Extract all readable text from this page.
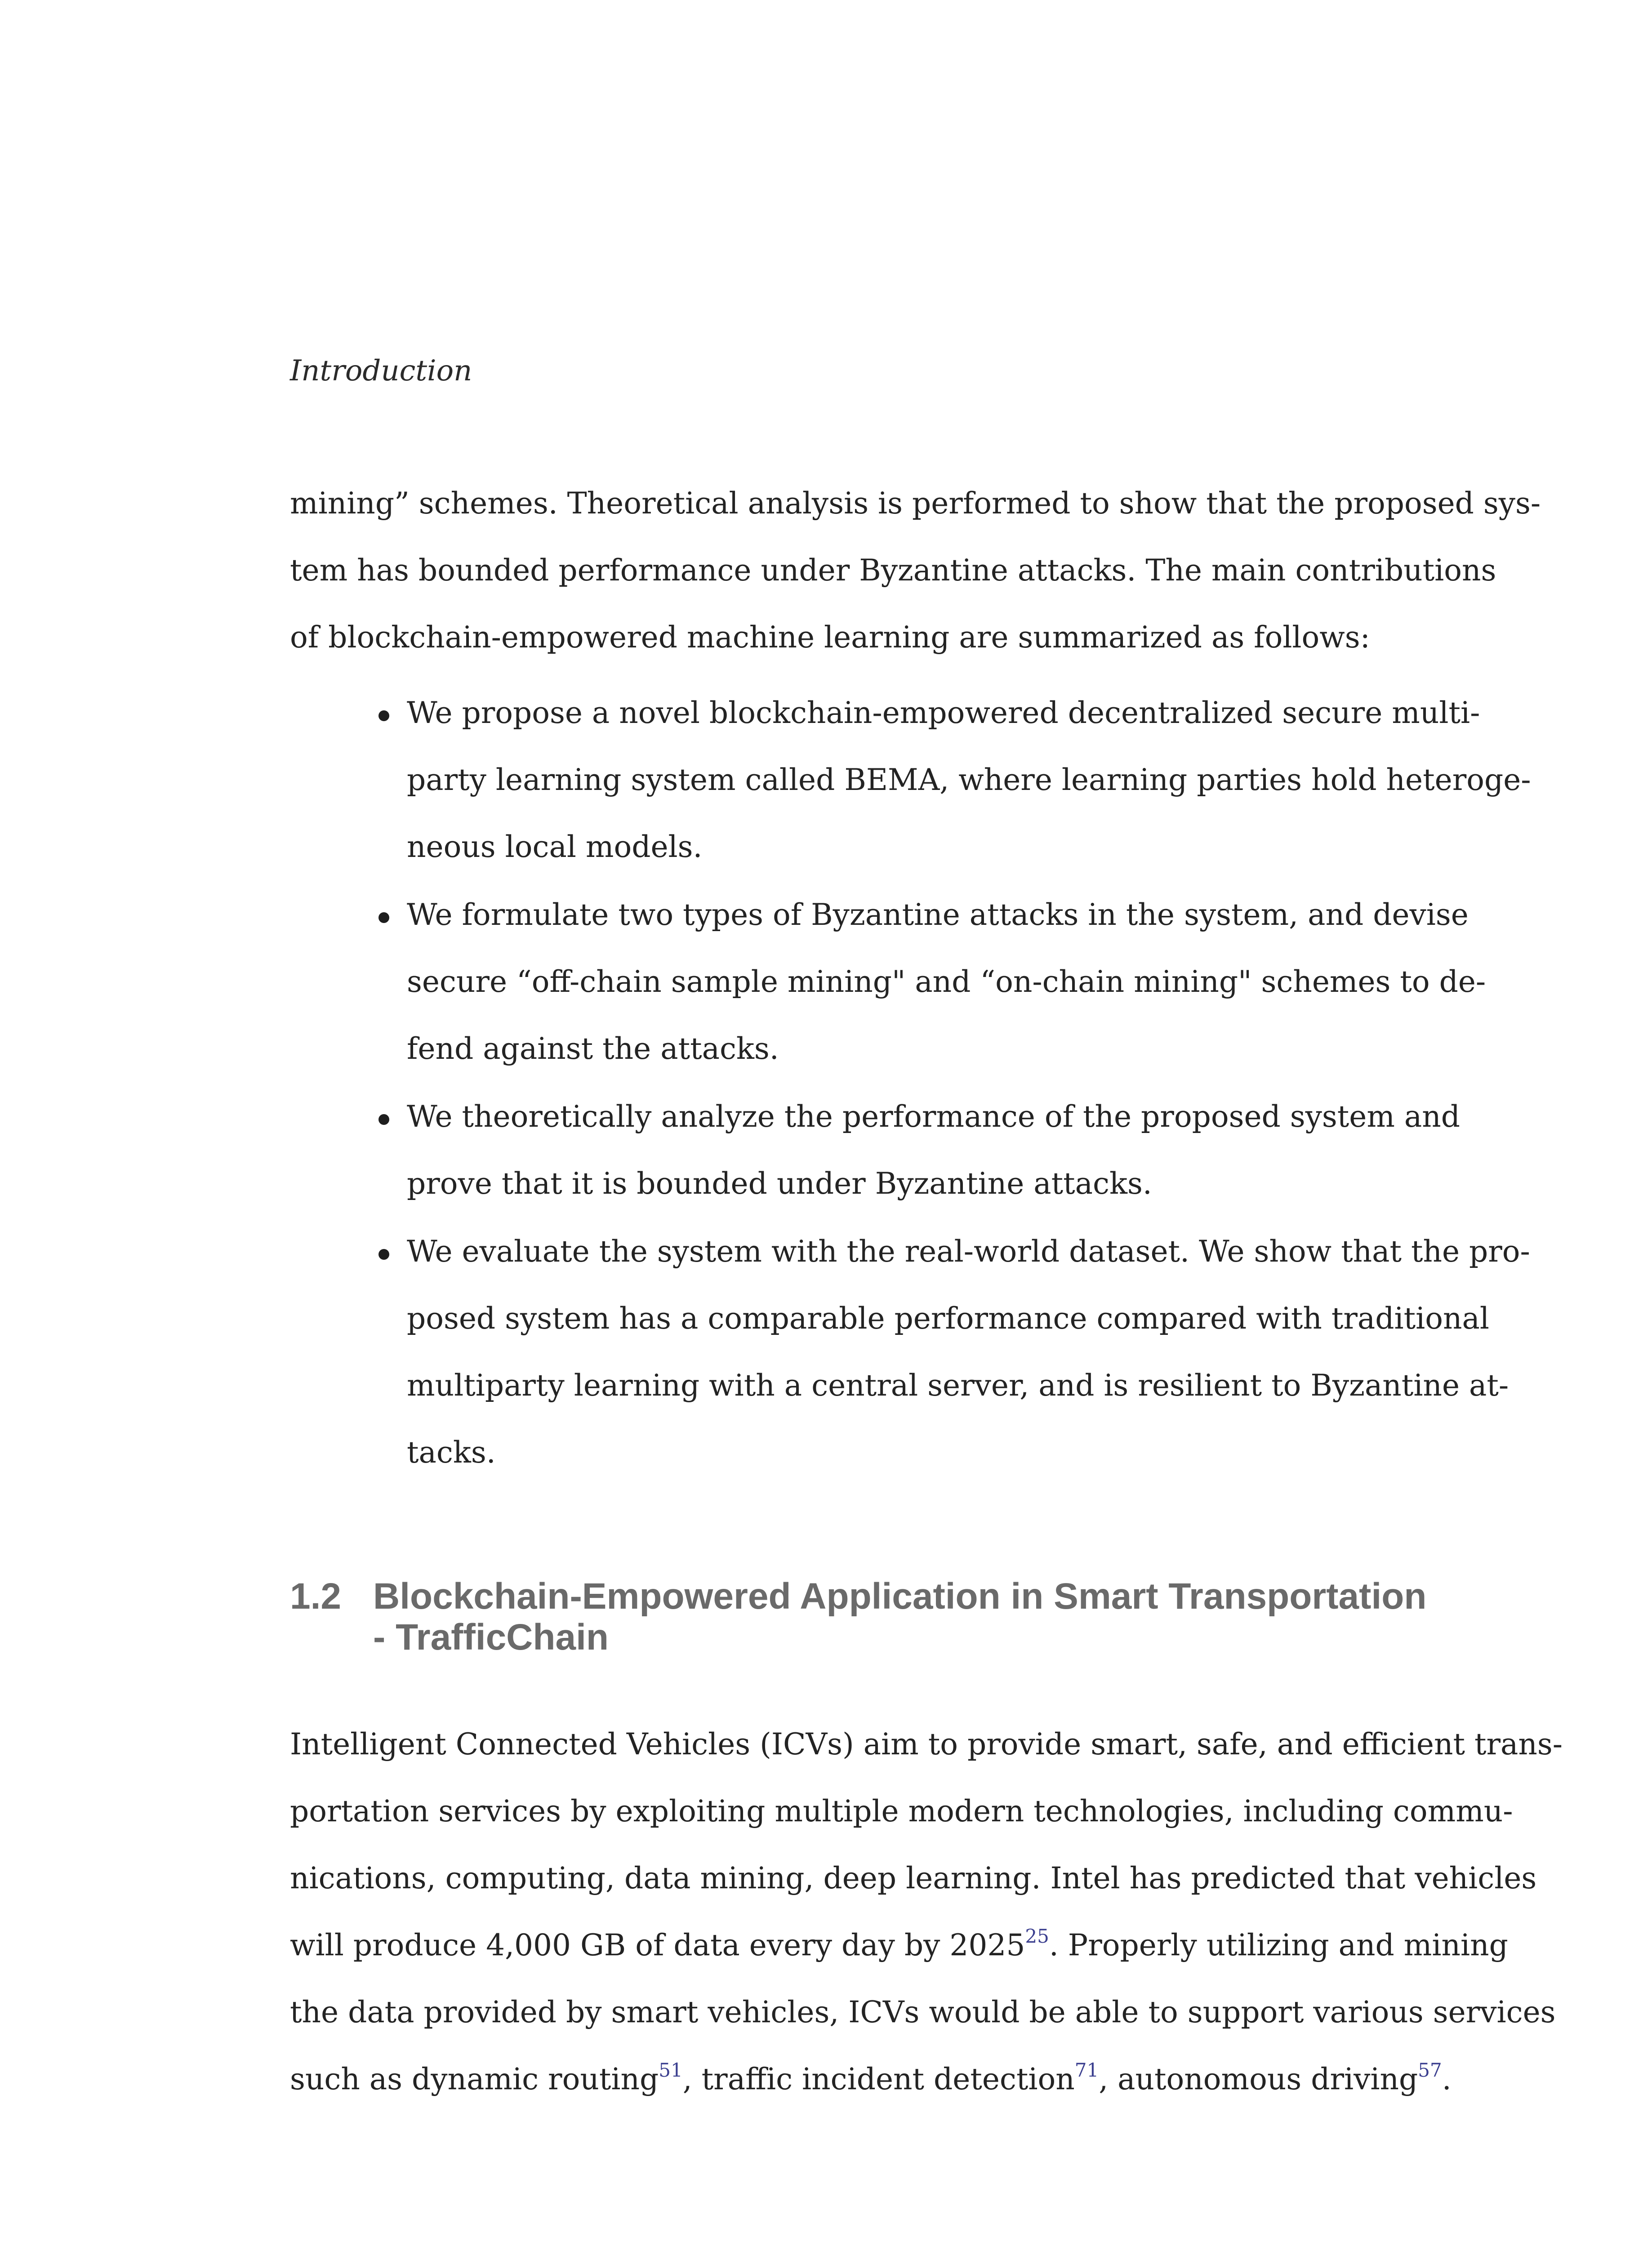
Introduction
mining” schemes. Theoretical analysis is performed to show that the proposed sys-
tem has bounded performance under Byzantine attacks. The main contributions
of blockchain-empowered machine learning are summarized as follows:
We propose a novel blockchain-empowered decentralized secure multi-
party learning system called BEMA, where learning parties hold heteroge-
neous local models.
We formulate two types of Byzantine attacks in the system, and devise
secure “off-chain sample mining" and “on-chain mining" schemes to de-
fend against the attacks.
We theoretically analyze the performance of the proposed system and
prove that it is bounded under Byzantine attacks.
We evaluate the system with the real-world dataset. We show that the pro-
posed system has a comparable performance compared with traditional
multiparty learning with a central server, and is resilient to Byzantine at-
tacks.
1.2 Blockchain-Empowered Application in Smart Transportation
- TrafficChain
Intelligent Connected Vehicles (ICVs) aim to provide smart, safe, and efficient trans-
portation services by exploiting multiple modern technologies, including commu-
nications, computing, data mining, deep learning. Intel has predicted that vehicles
will produce 4,000 GB of data every day by 2025$^{25}$. Properly utilizing and mining
the data provided by smart vehicles, ICVs would be able to support various services
such as dynamic routing$^{51}$, traffic incident detection$^{71}$, autonomous driving$^{57}$.
